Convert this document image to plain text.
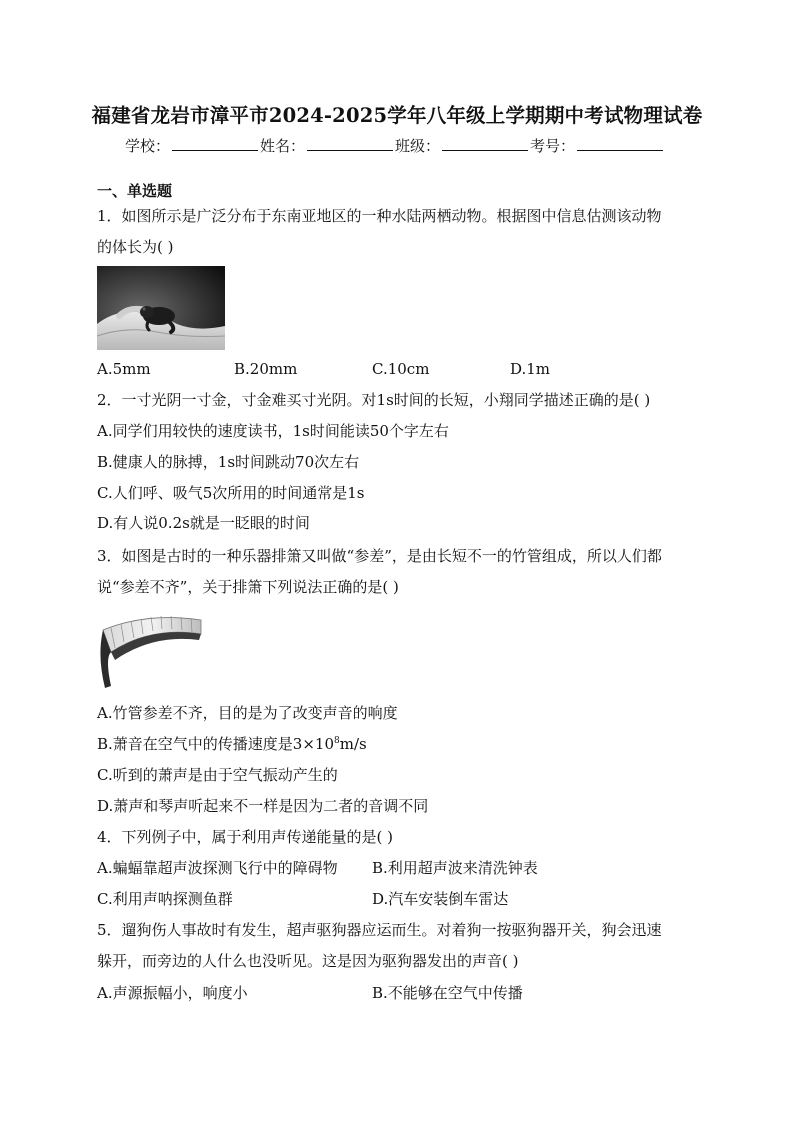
福建省龙岩市漳平市2024-2025学年八年级上学期期中考试物理试卷
学校：	姓名：	班级：	考号：
一、单选题
1．如图所示是广泛分布于东南亚地区的一种水陆两栖动物。根据图中信息估测该动物
的体长为( )
A.5mm	B.20mm	C.10cm	D.1m
2．一寸光阴一寸金，寸金难买寸光阴。对1s时间的长短，小翔同学描述正确的是( )
A.同学们用较快的速度读书，1s时间能读50个字左右
B.健康人的脉搏，1s时间跳动70次左右
C.人们呼、吸气5次所用的时间通常是1s
D.有人说0.2s就是一眨眼的时间
3．如图是古时的一种乐器排箫又叫做“参差”，是由长短不一的竹管组成，所以人们都
说“参差不齐”，关于排箫下列说法正确的是( )
A.竹管参差不齐，目的是为了改变声音的响度
B.萧音在空气中的传播速度是$3\times 10^8m/s$
C.听到的萧声是由于空气振动产生的
D.萧声和琴声听起来不一样是因为二者的音调不同
4．下列例子中，属于利用声传递能量的是( )
A.蝙蝠靠超声波探测飞行中的障碍物 B.利用超声波来清洗钟表
C.利用声呐探测鱼群	D.汽车安装倒车雷达
5．遛狗伤人事故时有发生，超声驱狗器应运而生。对着狗一按驱狗器开关，狗会迅速
躲开，而旁边的人什么也没听见。这是因为驱狗器发出的声音( )
A.声源振幅小，响度小	B.不能够在空气中传播
